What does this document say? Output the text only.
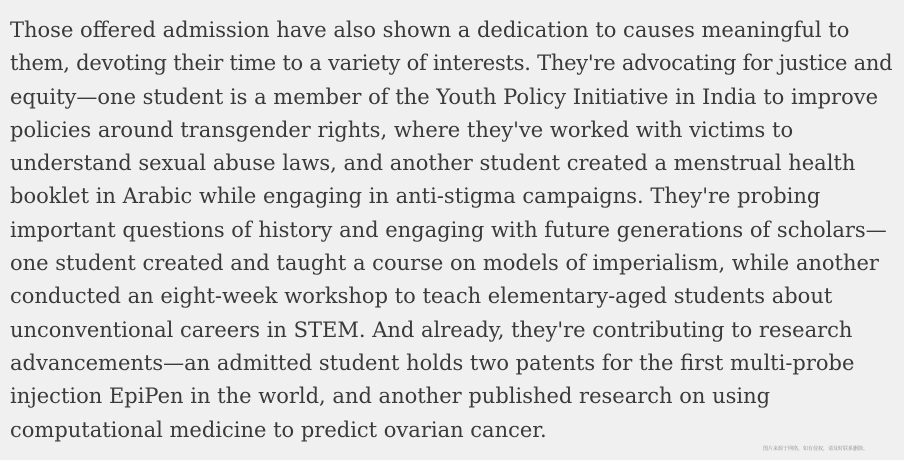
Those offered admission have also shown a dedication to causes meaningful to
them, devoting their time to a variety of interests. They're advocating for justice and
equity—one student is a member of the Youth Policy Initiative in India to improve
policies around transgender rights, where they've worked with victims to
understand sexual abuse laws, and another student created a menstrual health
booklet in Arabic while engaging in anti-stigma campaigns. They're probing
important questions of history and engaging with future generations of scholars—
one student created and taught a course on models of imperialism, while another
conducted an eight-week workshop to teach elementary-aged students about
unconventional careers in STEM. And already, they're contributing to research
advancements—an admitted student holds two patents for the first multi-probe
injection EpiPen in the world, and another published research on using
computational medicine to predict ovarian cancer.

图片来源于网络，如有侵权，请及时联系删除。
